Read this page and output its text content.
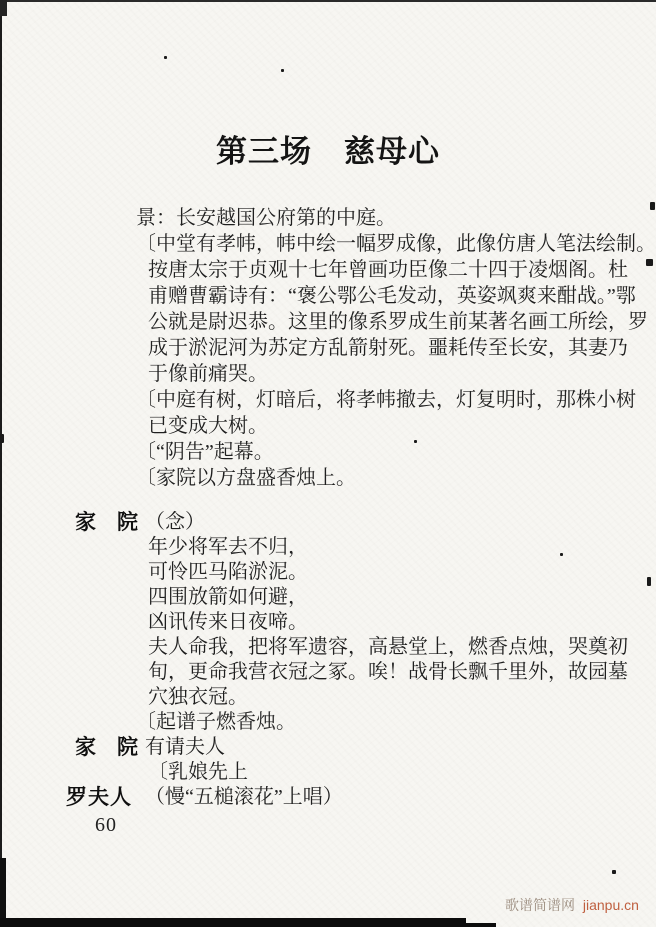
第三场　慈母心
景：长安越国公府第的中庭。
〔中堂有孝帏，帏中绘一幅罗成像，此像仿唐人笔法绘制。
按唐太宗于贞观十七年曾画功臣像二十四于凌烟阁。杜
甫赠曹霸诗有：“褒公鄂公毛发动，英姿飒爽来酣战。”鄂
公就是尉迟恭。这里的像系罗成生前某著名画工所绘，罗
成于淤泥河为苏定方乱箭射死。噩耗传至长安，其妻乃
于像前痛哭。
〔中庭有树，灯暗后，将孝帏撤去，灯复明时，那株小树
已变成大树。
〔“阴告”起幕。
〔家院以方盘盛香烛上。
家　院 （念）
年少将军去不归，
可怜匹马陷淤泥。
四围放箭如何避，
凶讯传来日夜啼。
夫人命我，把将军遗容，高悬堂上，燃香点烛，哭奠初
旬，更命我营衣冠之冢。唉！战骨长飘千里外，故园墓
穴独衣冠。
〔起谱子燃香烛。
家　院 有请夫人
〔乳娘先上
罗夫人 （慢“五槌滚花”上唱）
60
歌谱简谱网 jianpu.cn
